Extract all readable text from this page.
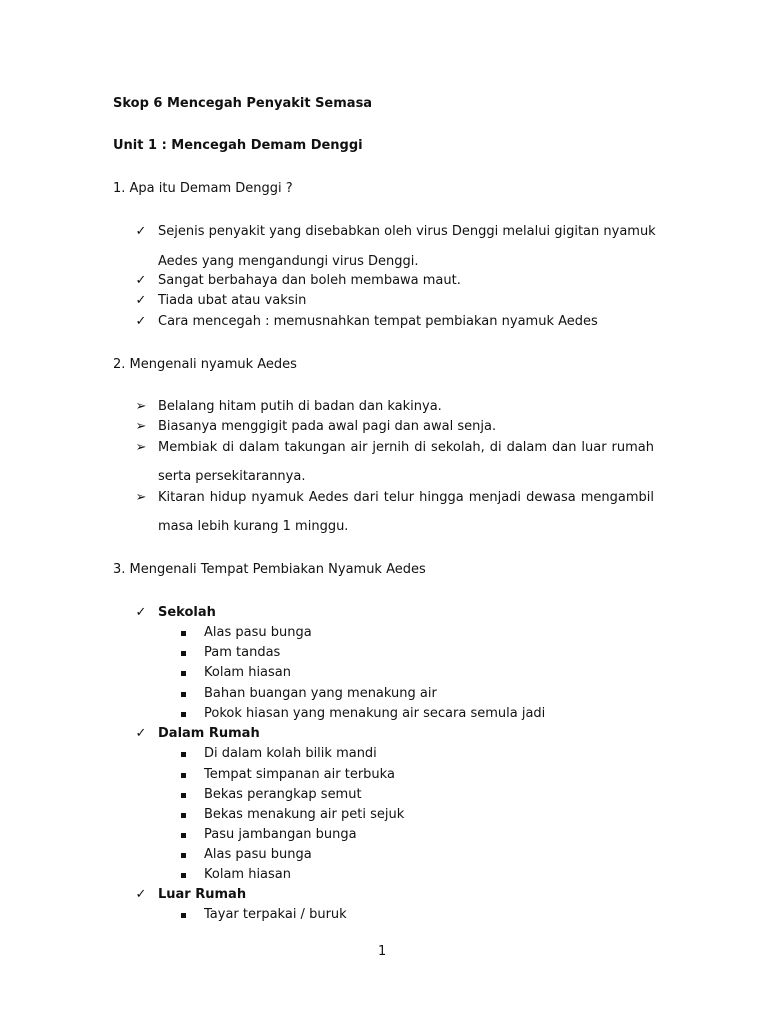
Skop 6 Mencegah Penyakit Semasa
Unit 1 : Mencegah Demam Denggi
1. Apa itu Demam Denggi ?
✓ Sejenis penyakit yang disebabkan oleh virus Denggi melalui gigitan nyamuk
Aedes yang mengandungi virus Denggi.
✓ Sangat berbahaya dan boleh membawa maut.
✓ Tiada ubat atau vaksin
✓ Cara mencegah : memusnahkan tempat pembiakan nyamuk Aedes
2. Mengenali nyamuk Aedes
➢ Belalang hitam putih di badan dan kakinya.
➢ Biasanya menggigit pada awal pagi dan awal senja.
➢ Membiak di dalam takungan air jernih di sekolah, di dalam dan luar rumah
serta persekitarannya.
➢ Kitaran hidup nyamuk Aedes dari telur hingga menjadi dewasa mengambil
masa lebih kurang 1 minggu.
3. Mengenali Tempat Pembiakan Nyamuk Aedes
✓ Sekolah
Alas pasu bunga
Pam tandas
Kolam hiasan
Bahan buangan yang menakung air
Pokok hiasan yang menakung air secara semula jadi
✓ Dalam Rumah
Di dalam kolah bilik mandi
Tempat simpanan air terbuka
Bekas perangkap semut
Bekas menakung air peti sejuk
Pasu jambangan bunga
Alas pasu bunga
Kolam hiasan
✓ Luar Rumah
Tayar terpakai / buruk
1
